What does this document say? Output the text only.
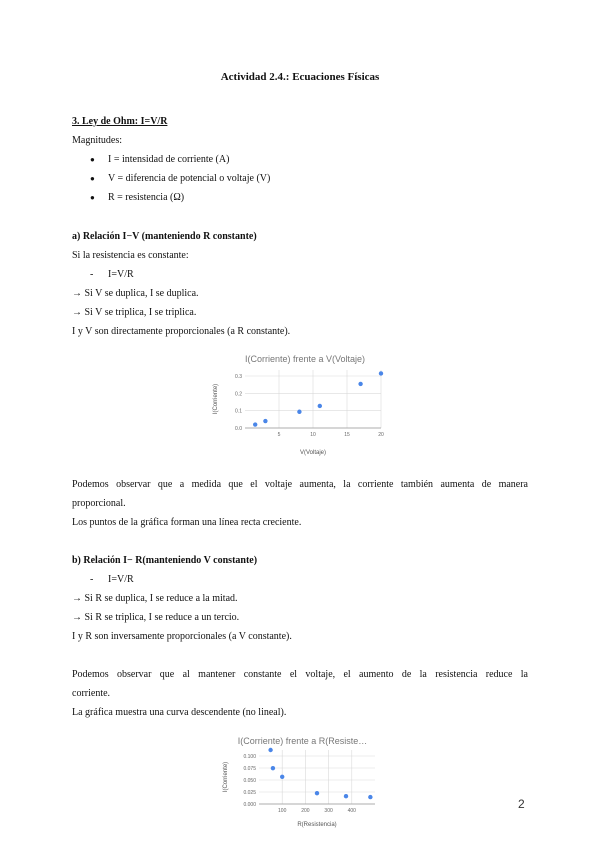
Actividad 2.4.: Ecuaciones Físicas
3. Ley de Ohm: I=V/R
Magnitudes:
● I = intensidad de corriente (A)
● V = diferencia de potencial o voltaje (V)
● R = resistencia (Ω)
a) Relación I−V (manteniendo R constante)
Si la resistencia es constante:
- I=V/R
→ Si V se duplica, I se duplica.
→ Si V se triplica, I se triplica.
I y V son directamente proporcionales (a R constante).
I(Corriente) frente a V(Voltaje)
0.0
0.1
0.2
0.3
5	10	15	20
V(Voltaje)
I(Corriente)
Podemos observar que a medida que el voltaje aumenta, la corriente también aumenta de manera
proporcional.
Los puntos de la gráfica forman una línea recta creciente.
b) Relación I− R(manteniendo V constante)
- I=V/R
→ Si R se duplica, I se reduce a la mitad.
→ Si R se triplica, I se reduce a un tercio.
I y R son inversamente proporcionales (a V constante).
Podemos observar que al mantener constante el voltaje, el aumento de la resistencia reduce la
corriente.
La gráfica muestra una curva descendente (no lineal).
I(Corriente) frente a R(Resiste…
0.000
0.025
0.050
0.075
0.100
100	200	300	400
R(Resistencia)
I(Corriente)
2
